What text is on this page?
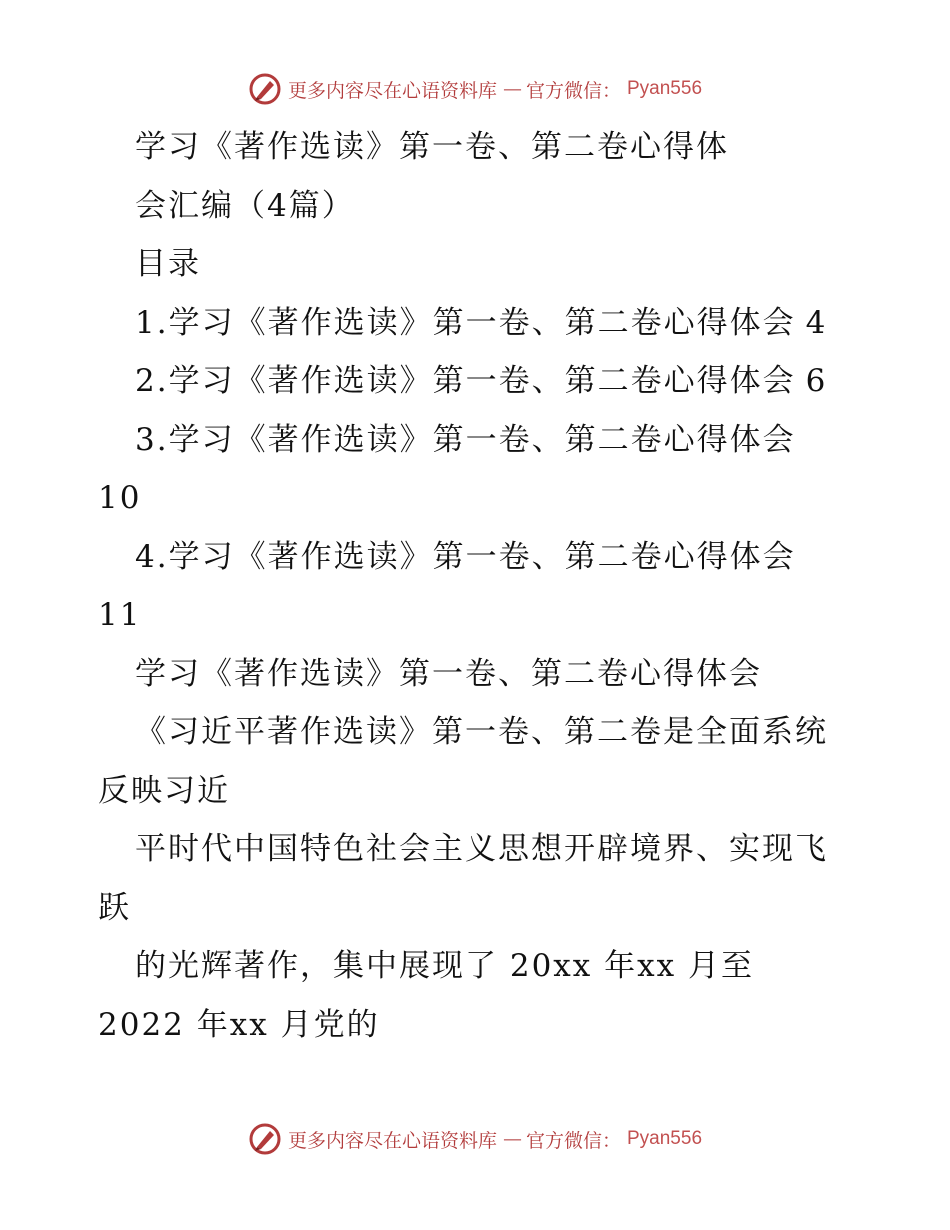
更多内容尽在心语资料库 — 官方微信： Pyan556
学习《著作选读》第一卷、第二卷心得体
会汇编（4篇）
目录
1.学习《著作选读》第一卷、第二卷心得体会 4
2.学习《著作选读》第一卷、第二卷心得体会 6
3.学习《著作选读》第一卷、第二卷心得体会
10
4.学习《著作选读》第一卷、第二卷心得体会
11
学习《著作选读》第一卷、第二卷心得体会
《习近平著作选读》第一卷、第二卷是全面系统
反映习近
平时代中国特色社会主义思想开辟境界、实现飞
跃
的光辉著作，集中展现了 20xx 年xx 月至
2022 年xx 月党的
更多内容尽在心语资料库 — 官方微信： Pyan556
